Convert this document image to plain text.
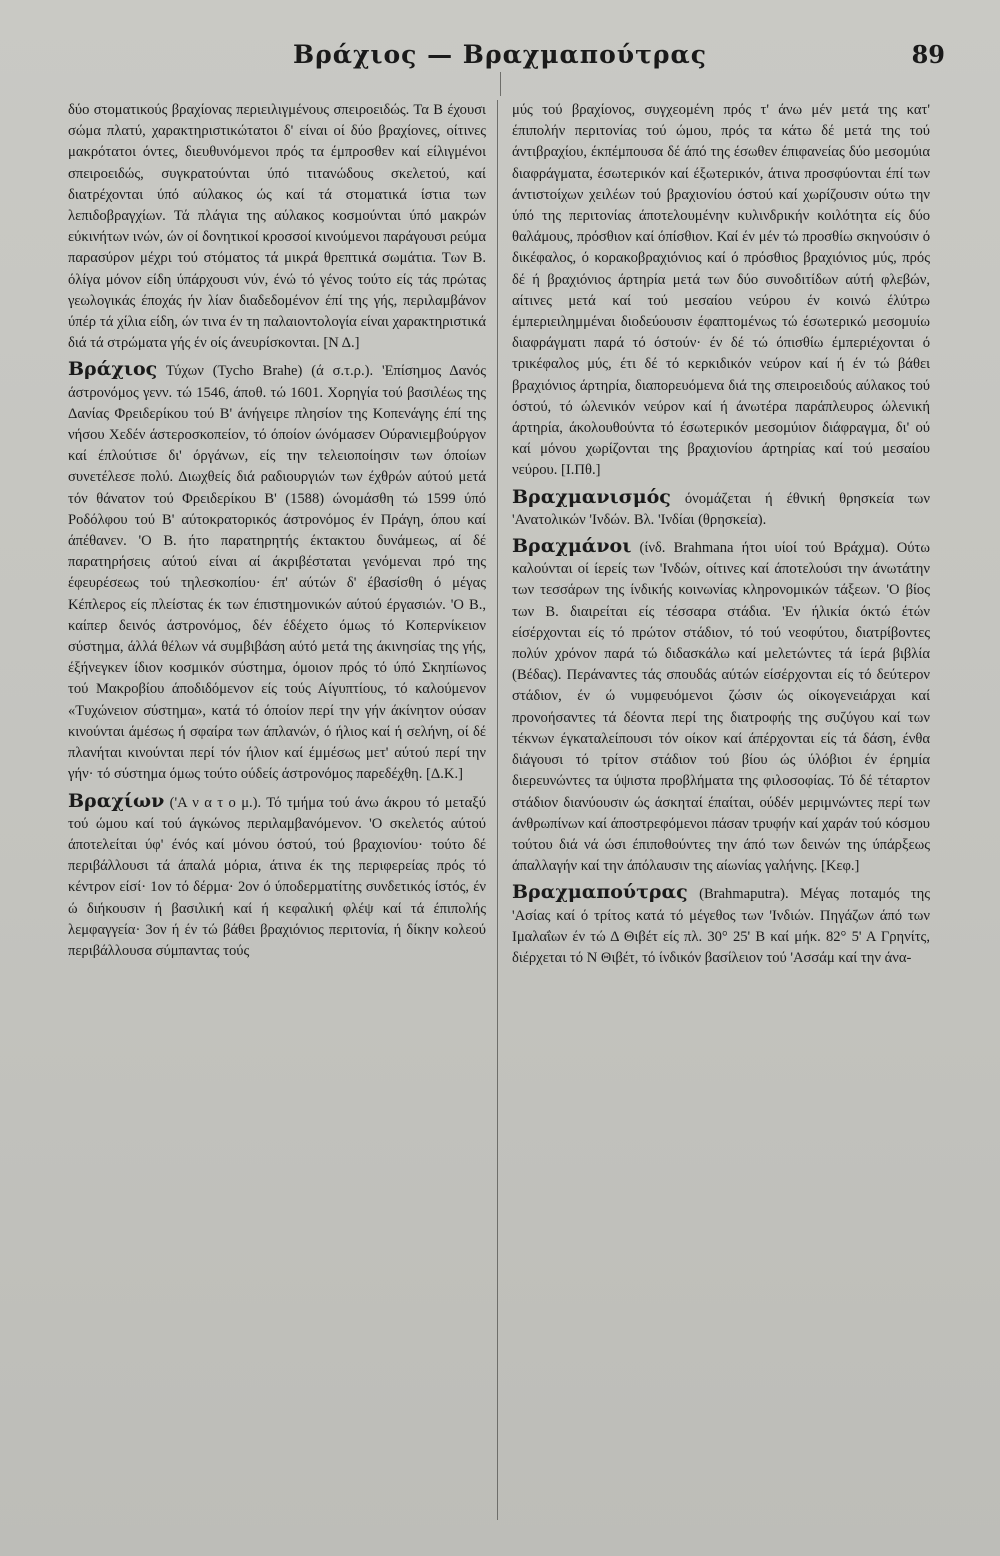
Βράχιος — Βραχμαπούτρας	89

δύο στοματικούς βραχίονας περιειλιγμένους σπειροειδώς. Τα Β έχουσι σώμα πλατύ, χαρακτηριστικώτατοι δ' είναι οί δύο βραχίονες, οίτινες μακρότατοι όντες, διευθυνόμενοι πρός τα έμπροσθεν καί είλιγμένοι σπειροειδώς, συγκρατούνται ύπό τιτανώδους σκελετού, καί διατρέχονται ύπό αύλακος ώς καί τά στοματικά ίστια των λεπιδοβραγχίων. Τά πλάγια της αύλακος κοσμούνται ύπό μακρών εύκινήτων ινών, ών οί δονητικοί κροσσοί κινούμενοι παράγουσι ρεύμα παρασύρον μέχρι τού στόματος τά μικρά θρεπτικά σωμάτια. Των Β. όλίγα μόνον είδη ύπάρχουσι νύν, ένώ τό γένος τούτο είς τάς πρώτας γεωλογικάς έποχάς ήν λίαν διαδεδομένον έπί της γής, περιλαμβάνον ύπέρ τά χίλια είδη, ών τινα έν τη παλαιοντολογία είναι χαρακτηριστικά διά τά στρώματα γής έν οίς άνευρίσκονται. [Ν Δ.]

Βράχιος Τύχων (Tycho Brahe) (ά σ.τ.ρ.). 'Επίσημος Δανός άστρονόμος γενν. τώ 1546, άποθ. τώ 1601. Χορηγία τού βασιλέως της Δανίας Φρειδερίκου τού Β' άνήγειρε πλησίον της Κοπενάγης έπί της νήσου Χεδέν άστεροσκοπείον, τό όποίον ώνόμασεν Ούρανιεμβούργον καί έπλούτισε δι' όργάνων, είς την τελειοποίησιν των όποίων συνετέλεσε πολύ. Διωχθείς διά ραδιουργιών των έχθρών αύτού μετά τόν θάνατον τού Φρειδερίκου Β' (1588) ώνομάσθη τώ 1599 ύπό Ροδόλφου τού Β' αύτοκρατορικός άστρονόμος έν Πράγη, όπου καί άπέθανεν. 'Ο Β. ήτο παρατηρητής έκτακτου δυνάμεως, αί δέ παρατηρήσεις αύτού είναι αί άκριβέσταται γενόμεναι πρό της έφευρέσεως τού τηλεσκοπίου· έπ' αύτών δ' έβασίσθη ό μέγας Κέπλερος είς πλείστας έκ των έπιστημονικών αύτού έργασιών. 'Ο Β., καίπερ δεινός άστρονόμος, δέν έδέχετο όμως τό Κοπερνίκειον σύστημα, άλλά θέλων νά συμβιβάση αύτό μετά της άκινησίας της γής, έξήνεγκεν ίδιον κοσμικόν σύστημα, όμοιον πρός τό ύπό Σκηπίωνος τού Μακροβίου άποδιδόμενον είς τούς Αίγυπτίους, τό καλούμενον «Τυχώνειον σύστημα», κατά τό όποίον περί την γήν άκίνητον ούσαν κινούνται άμέσως ή σφαίρα των άπλανών, ό ήλιος καί ή σελήνη, οί δέ πλανήται κινούνται περί τόν ήλιον καί έμμέσως μετ' αύτού περί την γήν· τό σύστημα όμως τούτο ούδείς άστρονόμος παρεδέχθη. [Δ.Κ.]

Βραχίων ('Α ν α τ ο μ.). Τό τμήμα τού άνω άκρου τό μεταξύ τού ώμου καί τού άγκώνος περιλαμβανόμενον. 'Ο σκελετός αύτού άποτελείται ύφ' ένός καί μόνου όστού, τού βραχιονίου· τούτο δέ περιβάλλουσι τά άπαλά μόρια, άτινα έκ της περιφερείας πρός τό κέντρον είσί· 1ον τό δέρμα· 2ον ό ύποδερματίτης συνδετικός ίστός, έν ώ διήκουσιν ή βασιλική καί ή κεφαλική φλέψ καί τά έπιπολής λεμφαγγεία· 3ον ή έν τώ βάθει βραχιόνιος περιτονία, ή δίκην κολεού περιβάλλουσα σύμπαντας τούς

μύς τού βραχίονος, συγχεομένη πρός τ' άνω μέν μετά της κατ' έπιπολήν περιτονίας τού ώμου, πρός τα κάτω δέ μετά της τού άντιβραχίου, έκπέμπουσα δέ άπό της έσωθεν έπιφανείας δύο μεσομύια διαφράγματα, έσωτερικόν καί έξωτερικόν, άτινα προσφύονται έπί των άντιστοίχων χειλέων τού βραχιονίου όστού καί χωρίζουσιν ούτω την ύπό της περιτονίας άποτελουμένην κυλινδρικήν κοιλότητα είς δύο θαλάμους, πρόσθιον καί όπίσθιον. Καί έν μέν τώ προσθίω σκηνούσιν ό δικέφαλος, ό κορακοβραχιόνιος καί ό πρόσθιος βραχιόνιος μύς, πρός δέ ή βραχιόνιος άρτηρία μετά των δύο συνοδιτίδων αύτή φλεβών, αίτινες μετά καί τού μεσαίου νεύρου έν κοινώ έλύτρω έμπεριειλημμέναι διοδεύουσιν έφαπτομένως τώ έσωτερικώ μεσομυίω διαφράγματι παρά τό όστούν· έν δέ τώ όπισθίω έμπεριέχονται ό τρικέφαλος μύς, έτι δέ τό κερκιδικόν νεύρον καί ή έν τώ βάθει βραχιόνιος άρτηρία, διαπορευόμενα διά της σπειροειδούς αύλακος τού όστού, τό ώλενικόν νεύρον καί ή άνωτέρα παράπλευρος ώλενική άρτηρία, άκολουθούντα τό έσωτερικόν μεσομύιον διάφραγμα, δι' ού καί μόνου χωρίζονται της βραχιονίου άρτηρίας καί τού μεσαίου νεύρου. [Ι.Πθ.]

Βραχμανισμός όνομάζεται ή έθνική θρησκεία των 'Ανατολικών 'Ινδών. Βλ. 'Ινδίαι (θρησκεία).

Βραχμάνοι (ίνδ. Brahmana ήτοι υίοί τού Βράχμα). Ούτω καλούνται οί ίερείς των 'Ινδών, οίτινες καί άποτελούσι την άνωτάτην των τεσσάρων της ίνδικής κοινωνίας κληρονομικών τάξεων. 'Ο βίος των Β. διαιρείται είς τέσσαρα στάδια. 'Εν ήλικία όκτώ έτών είσέρχονται είς τό πρώτον στάδιον, τό τού νεοφύτου, διατρίβοντες πολύν χρόνον παρά τώ διδασκάλω καί μελετώντες τά ίερά βιβλία (Βέδας). Περάναντες τάς σπουδάς αύτών είσέρχονται είς τό δεύτερον στάδιον, έν ώ νυμφευόμενοι ζώσιν ώς οίκογενειάρχαι καί προνοήσαντες τά δέοντα περί της διατροφής της συζύγου καί των τέκνων έγκαταλείπουσι τόν οίκον καί άπέρχονται είς τά δάση, ένθα διάγουσι τό τρίτον στάδιον τού βίου ώς ύλόβιοι έν έρημία διερευνώντες τα ύψιστα προβλήματα της φιλοσοφίας. Τό δέ τέταρτον στάδιον διανύουσιν ώς άσκηταί έπαίται, ούδέν μεριμνώντες περί των άνθρωπίνων καί άποστρεφόμενοι πάσαν τρυφήν καί χαράν τού κόσμου τούτου διά νά ώσι έπιποθούντες την άπό των δεινών της ύπάρξεως άπαλλαγήν καί την άπόλαυσιν της αίωνίας γαλήνης. [Κεφ.]

Βραχμαπούτρας (Brahmaputra). Μέγας ποταμός της 'Ασίας καί ό τρίτος κατά τό μέγεθος των 'Ινδιών. Πηγάζων άπό των Ιμαλαΐων έν τώ Δ Θιβέτ είς πλ. 30° 25' Β καί μήκ. 82° 5' Α Γρηνίτς, διέρχεται τό Ν Θιβέτ, τό ίνδικόν βασίλειον τού 'Ασσάμ καί την άνα-
